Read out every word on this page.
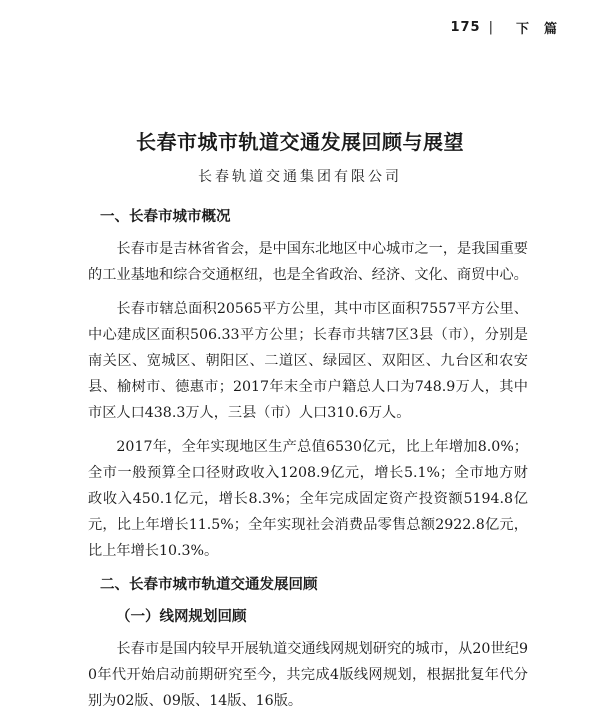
175 | 下　篇
长春市城市轨道交通发展回顾与展望
长春轨道交通集团有限公司
一、长春市城市概况
长春市是吉林省省会，是中国东北地区中心城市之一，是我国重要的工业基地和综合交通枢纽，也是全省政治、经济、文化、商贸中心。
长春市辖总面积20565平方公里，其中市区面积7557平方公里、中心建成区面积506.33平方公里；长春市共辖7区3县（市），分别是南关区、宽城区、朝阳区、二道区、绿园区、双阳区、九台区和农安县、榆树市、德惠市；2017年末全市户籍总人口为748.9万人，其中市区人口438.3万人，三县（市）人口310.6万人。
2017年，全年实现地区生产总值6530亿元，比上年增加8.0%；全市一般预算全口径财政收入1208.9亿元，增长5.1%；全市地方财政收入450.1亿元，增长8.3%；全年完成固定资产投资额5194.8亿元，比上年增长11.5%；全年实现社会消费品零售总额2922.8亿元，比上年增长10.3%。
二、长春市城市轨道交通发展回顾
（一）线网规划回顾
长春市是国内较早开展轨道交通线网规划研究的城市，从20世纪90年代开始启动前期研究至今，共完成4版线网规划，根据批复年代分别为02版、09版、14版、16版。
